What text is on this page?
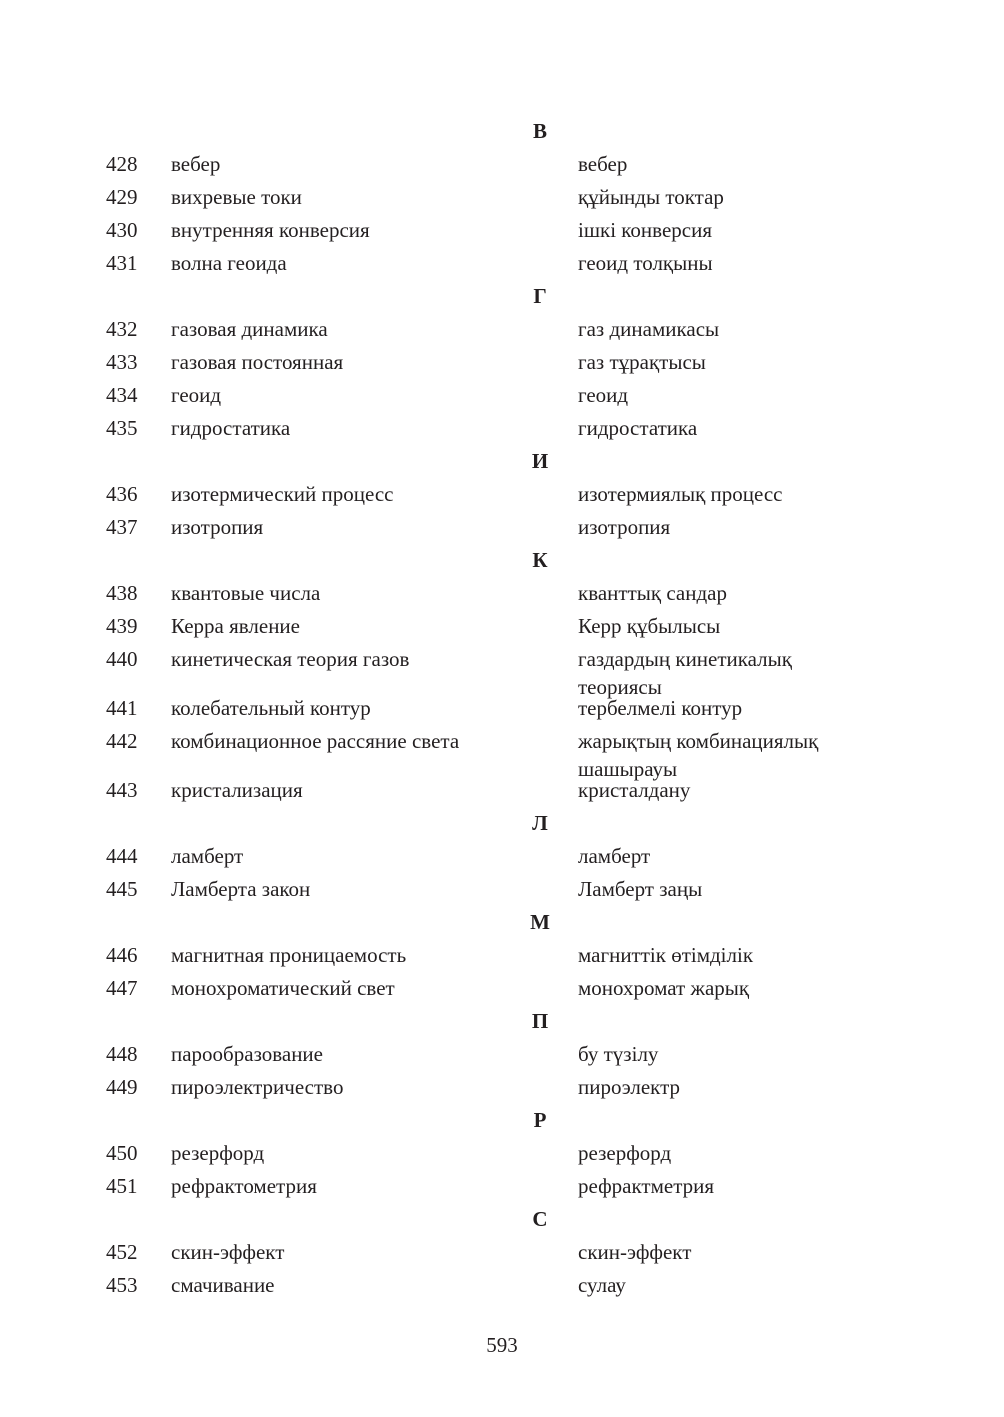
В
428	вебер	вебер
429	вихревые токи	құйынды токтар
430	внутренняя конверсия	ішкі конверсия
431	волна геоида	геоид толқыны
Г
432	газовая динамика	газ динамикасы
433	газовая постоянная	газ тұрақтысы
434	геоид	геоид
435	гидростатика	гидростатика
И
436	изотермический процесс	изотермиялық процесс
437	изотропия	изотропия
К
438	квантовые числа	кванттық сандар
439	Керра явление	Керр құбылысы
440	кинетическая теория газов	газдардың кинетикалық теориясы
441	колебательный контур	тербелмелі контур
442	комбинационное рассяние света	жарықтың комбинациялық шашырауы
443	кристализация	кристалдану
Л
444	ламберт	ламберт
445	Ламберта закон	Ламберт заңы
М
446	магнитная проницаемость	магниттік өтімділік
447	монохроматический свет	монохромат жарық
П
448	парообразование	бу түзілу
449	пироэлектричество	пироэлектр
Р
450	резерфорд	резерфорд
451	рефрактометрия	рефрактметрия
С
452	скин-эффект	скин-эффект
453	смачивание	сулау
593
